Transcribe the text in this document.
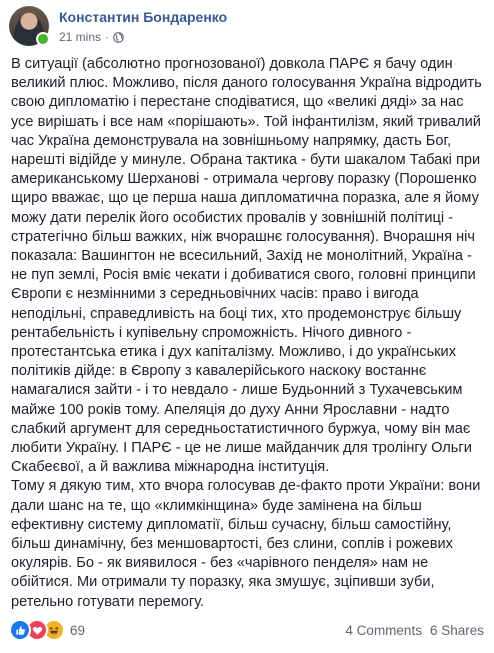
Константин Бондаренко
21 mins ·
В ситуації (абсолютно прогнозованої) довкола ПАРЄ я бачу один
великий плюс. Можливо, після даного голосування Україна відродить
свою дипломатію і перестане сподіватися, що «великі дяді» за нас
усе вирішать і все нам «порішають». Той інфантилізм, який тривалий
час Україна демонструвала на зовнішньому напрямку, дасть Бог,
нарешті відійде у минуле. Обрана тактика - бути шакалом Табакі при
американському Шерханові - отримала чергову поразку (Порошенко
щиро вважає, що це перша наша дипломатична поразка, але я йому
можу дати перелік його особистих провалів у зовнішній політиці -
стратегічно більш важких, ніж вчорашнє голосування). Вчорашня ніч
показала: Вашингтон не всесильний, Захід не монолітний, Україна -
не пуп землі, Росія вміє чекати і добиватися свого, головні принципи
Європи є незмінними з середньовічних часів: право і вигода
неподільні, справедливість на боці тих, хто продемонструє більшу
рентабельність і купівельну спроможність. Нічого дивного -
протестантська етика і дух капіталізму. Можливо, і до українських
політиків дійде: в Європу з кавалерійського наскоку востаннє
намагалися зайти - і то невдало - лише Будьонний з Тухачевським
майже 100 років тому. Апеляція до духу Анни Ярославни - надто
слабкий аргумент для середньостатистичного буржуа, чому він має
любити Україну. І ПАРЄ - це не лише майданчик для тролінгу Ольги
Скабеєвої, а й важлива міжнародна інституція.
Тому я дякую тим, хто вчора голосував де-факто проти України: вони
дали шанс на те, що «климкінщина» буде замінена на більш
ефективну систему дипломатії, більш сучасну, більш самостійну,
більш динамічну, без меншовартості, без слини, соплів і рожевих
окулярів. Бо - як виявилося - без «чарівного пенделя» нам не
обійтися. Ми отримали ту поразку, яка змушує, зціпивши зуби,
ретельно готувати перемогу.
69	4 Comments 6 Shares
